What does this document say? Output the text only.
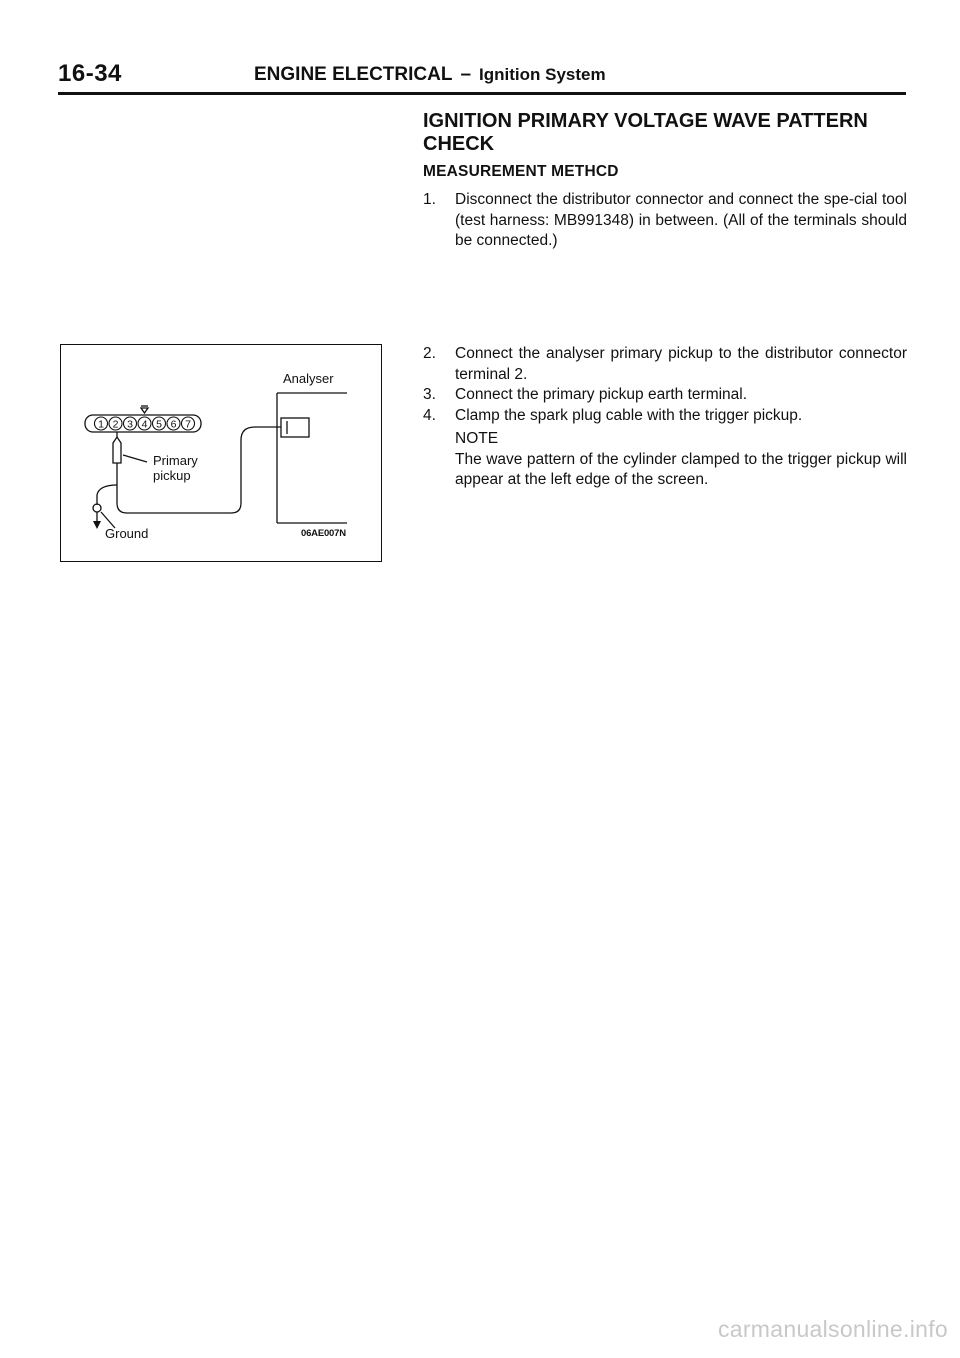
16-34	ENGINE ELECTRICAL – Ignition System
IGNITION PRIMARY VOLTAGE WAVE PATTERN CHECK
MEASUREMENT METHCD
1. Disconnect the distributor connector and connect the spe-cial tool (test harness: MB991348) in between. (All of the terminals should be connected.)
2. Connect the analyser primary pickup to the distributor connector terminal 2.
3. Connect the primary pickup earth terminal.
4. Clamp the spark plug cable with the trigger pickup.
NOTE
The wave pattern of the cylinder clamped to the trigger pickup will appear at the left edge of the screen.
1 2 3 4 5 6 7
Analyser
Primary
pickup
Ground	06AE007N
carmanualsonline.info
